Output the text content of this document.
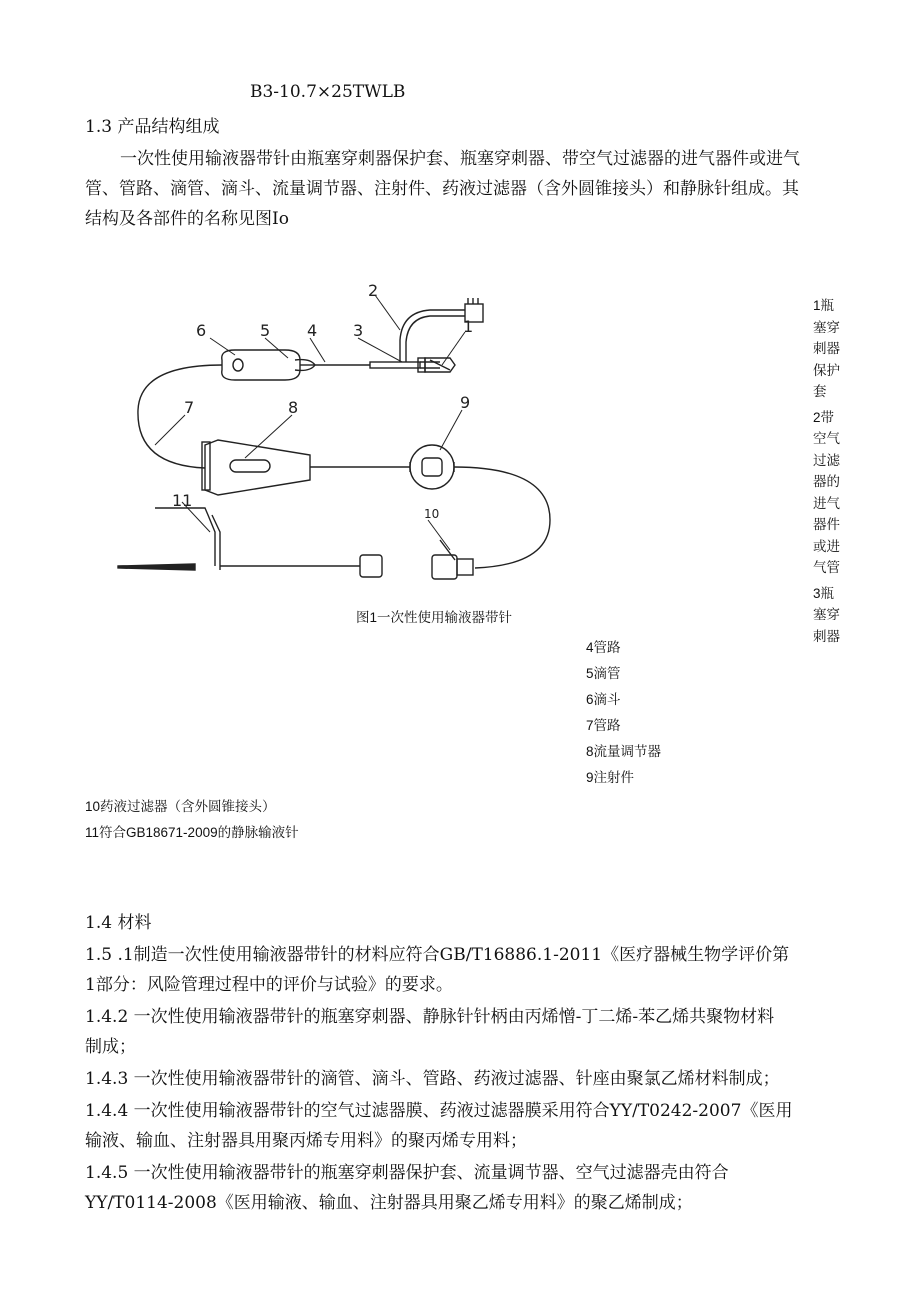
B3-10.7×25TWLB
1.3 产品结构组成
一次性使用输液器带针由瓶塞穿刺器保护套、瓶塞穿刺器、带空气过滤器的进气器件或进气
管、管路、滴管、滴斗、流量调节器、注射件、药液过滤器（含外圆锥接头）和静脉针组成。其
结构及各部件的名称见图Io
6	5 4 3
2
1
7	8	9
10
11
图1一次性使用输液器带针
1瓶塞穿刺器保护套
2带空气过滤器的进气器件或进气管
3瓶塞穿刺器
4管路
5滴管
6滴斗
7管路
8流量调节器
9注射件
10药液过滤器（含外圆锥接头）
11符合GB18671-2009的静脉输液针
1.4 材料
1.5 .1制造一次性使用输液器带针的材料应符合GB/T16886.1-2011《医疗器械生物学评价第
1部分：风险管理过程中的评价与试验》的要求。
1.4.2 一次性使用输液器带针的瓶塞穿刺器、静脉针针柄由丙烯憎-丁二烯-苯乙烯共聚物材料
制成；
1.4.3 一次性使用输液器带针的滴管、滴斗、管路、药液过滤器、针座由聚氯乙烯材料制成；
1.4.4 一次性使用输液器带针的空气过滤器膜、药液过滤器膜采用符合YY/T0242-2007《医用
输液、输血、注射器具用聚丙烯专用料》的聚丙烯专用料；
1.4.5 一次性使用输液器带针的瓶塞穿刺器保护套、流量调节器、空气过滤器壳由符合
YY/T0114-2008《医用输液、输血、注射器具用聚乙烯专用料》的聚乙烯制成；
